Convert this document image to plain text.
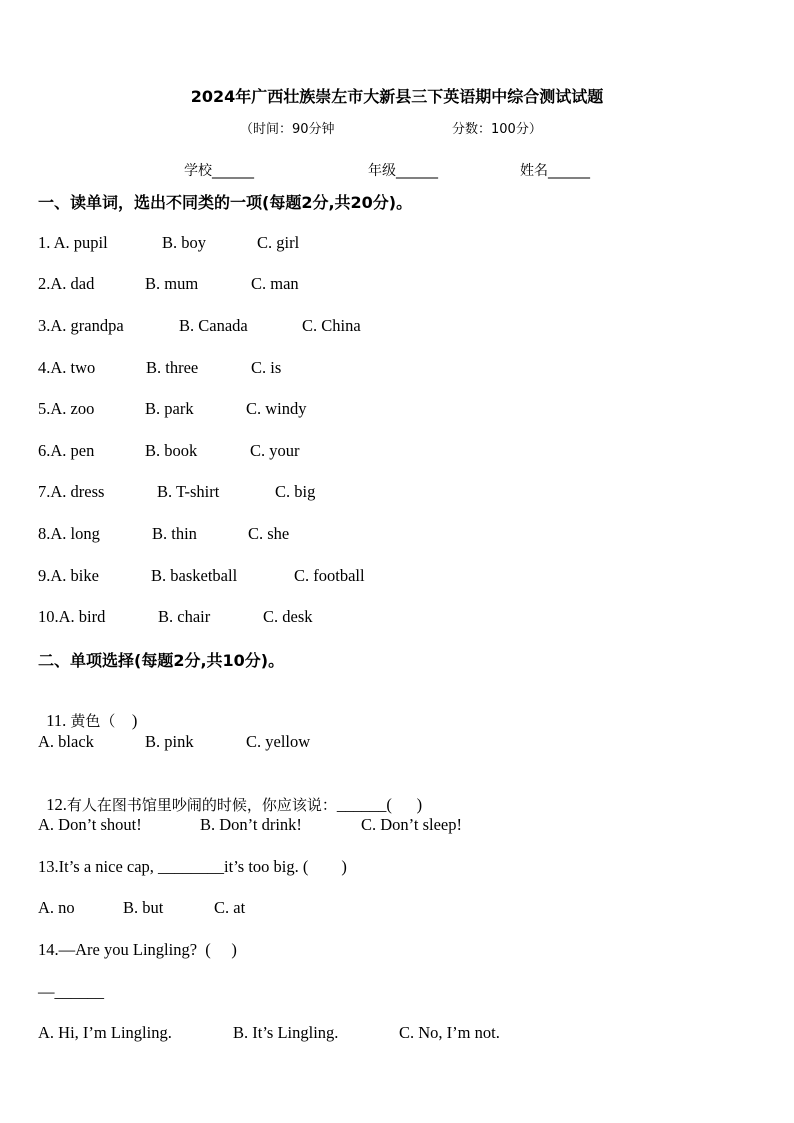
2024年广西壮族崇左市大新县三下英语期中综合测试试题
（时间：90分钟	分数：100分）
学校______	年级______	姓名______
一、读单词，选出不同类的一项(每题2分,共20分)。
1. A. pupil	B. boy	C. girl
2.A. dad	B. mum	C. man
3.A. grandpa	B. Canada	C. China
4.A. two	B. three	C. is
5.A. zoo	B. park	C. windy
6.A. pen	B. book	C. your
7.A. dress	B. T-shirt	C. big
8.A. long	B. thin	C. she
9.A. bike	B. basketball	C. football
10.A. bird	B. chair	C. desk
二、单项选择(每题2分,共10分)。

11. 黄色（    )

A. black	B. pink	C. yellow

12.有人在图书馆里吵闹的时候，你应该说：______(      )

A. Don’t shout!	B. Don’t drink!	C. Don’t sleep!
13.It’s a nice cap, ________it’s too big. (        )
A. no	B. but	C. at
14.—Are you Lingling?  (     )
—______
A. Hi, I’m Lingling.	B. It’s Lingling.	C. No, I’m not.
